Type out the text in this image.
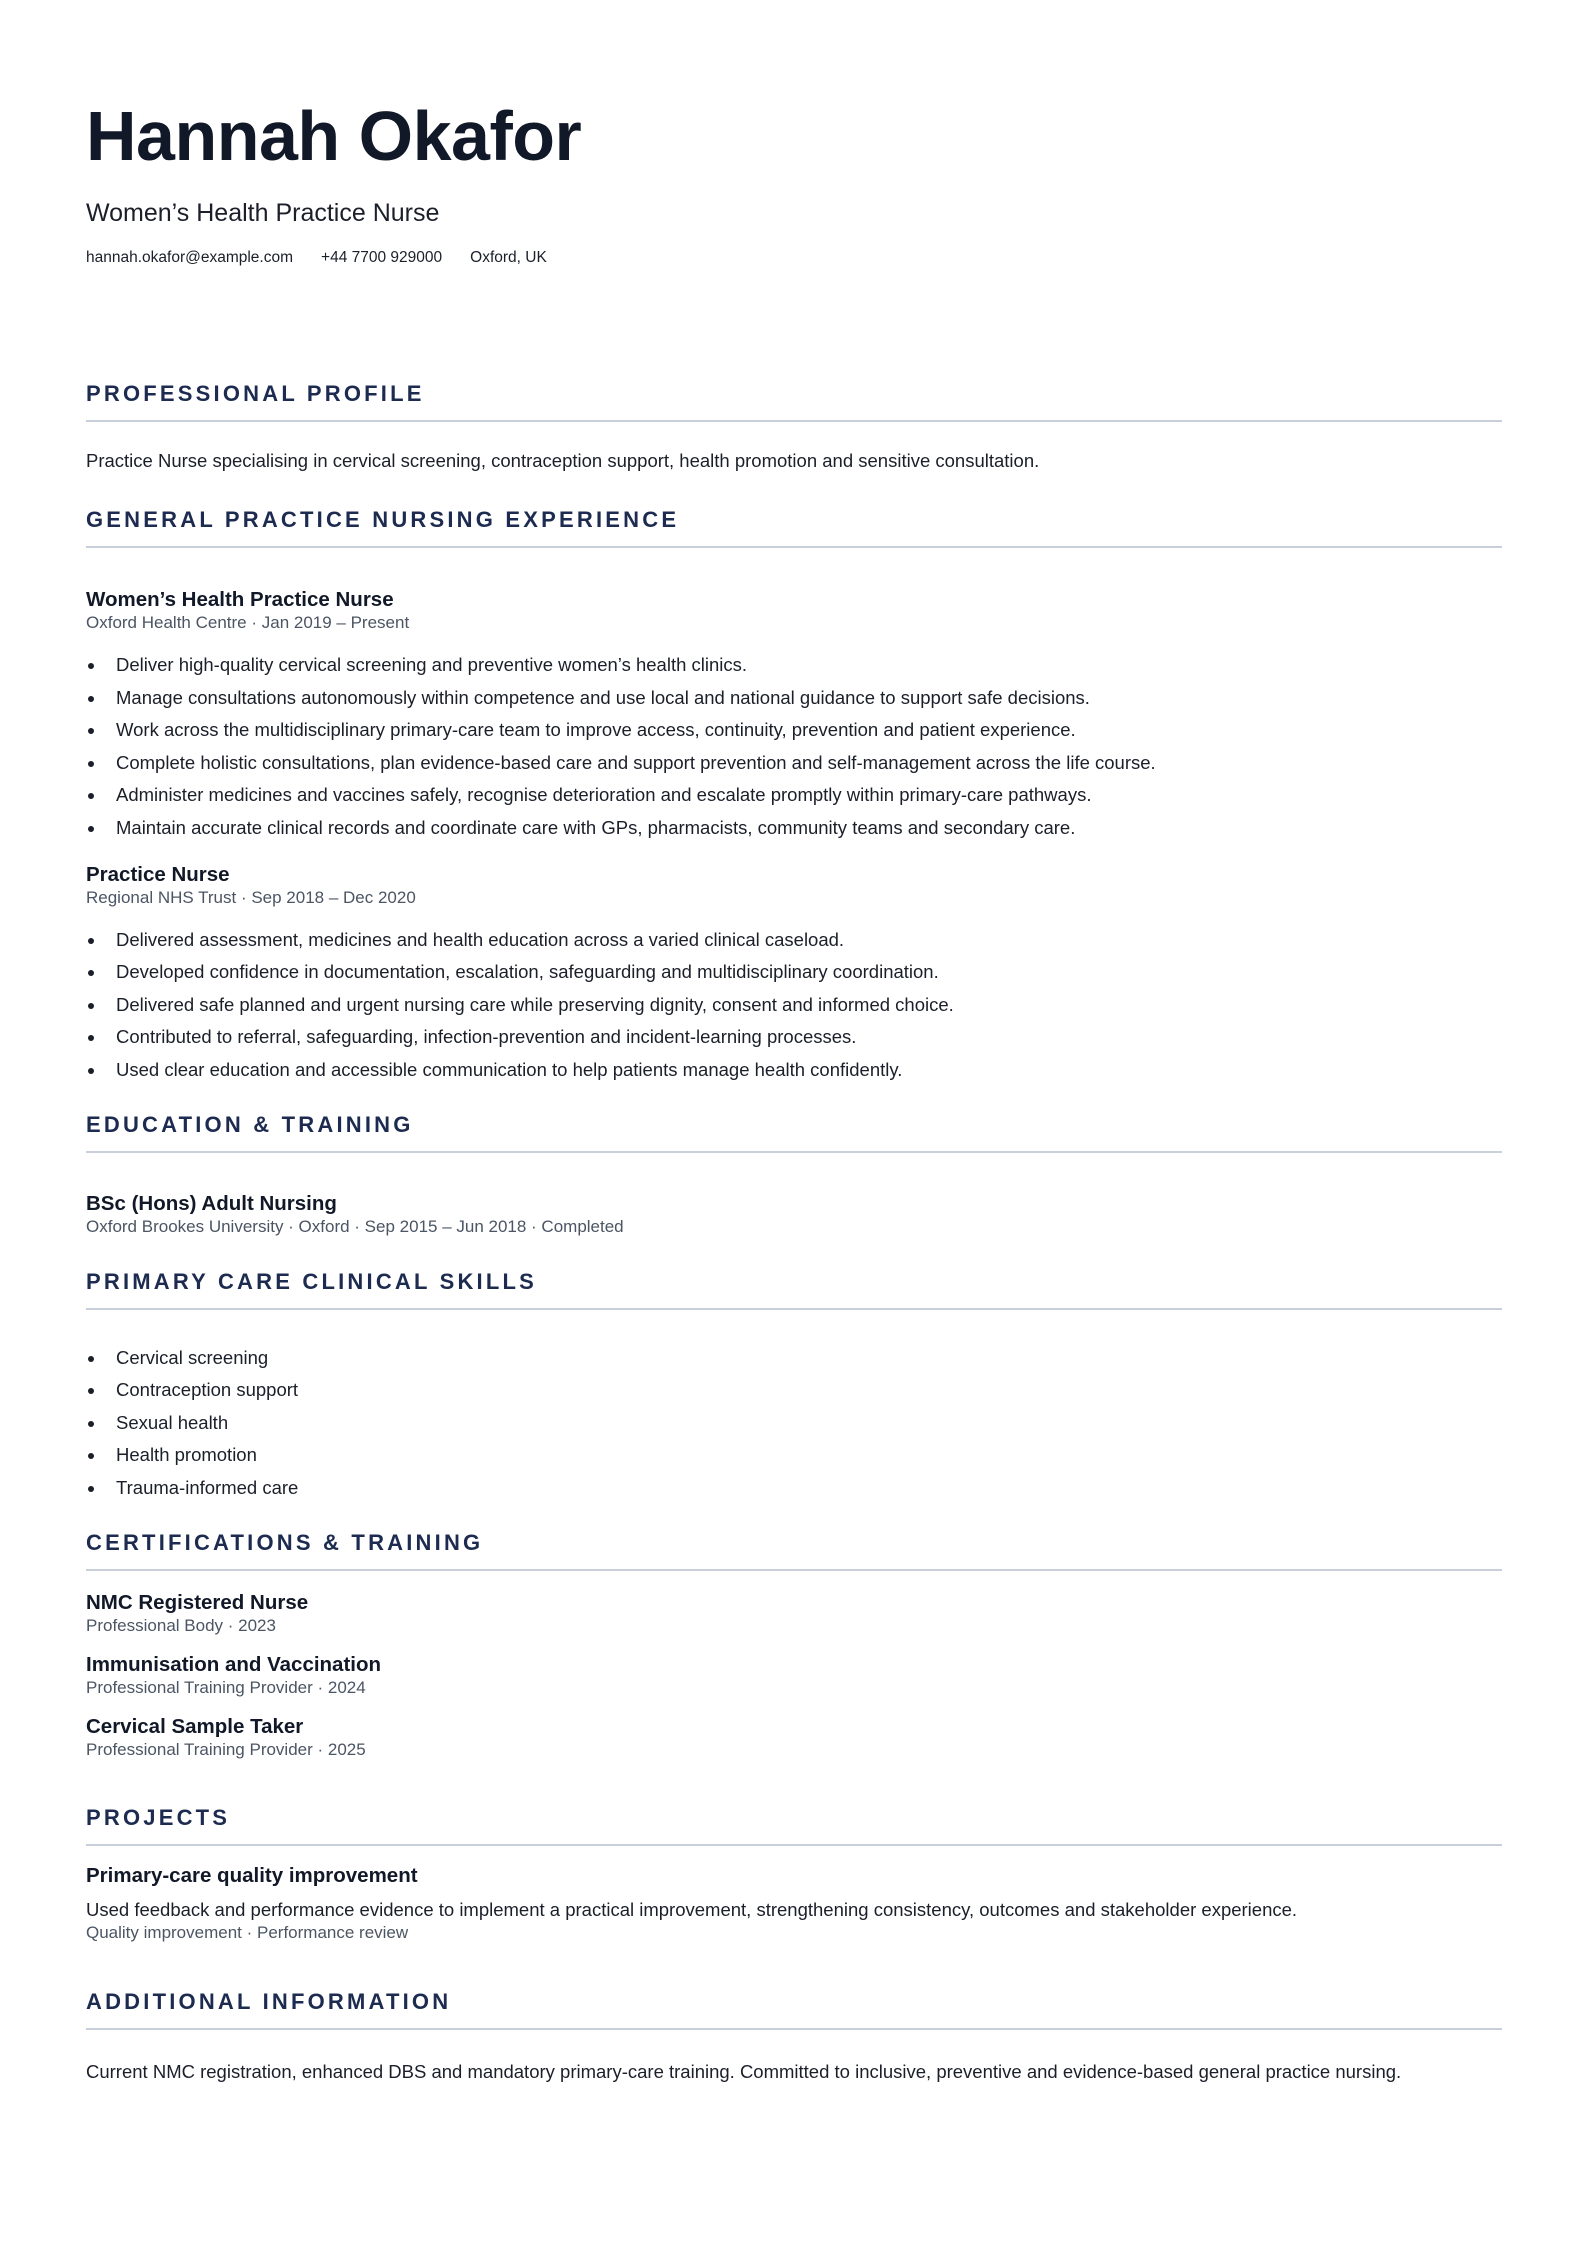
Hannah Okafor
Women’s Health Practice Nurse
hannah.okafor@example.com +44 7700 929000 Oxford, UK
PROFESSIONAL PROFILE
Practice Nurse specialising in cervical screening, contraception support, health promotion and sensitive consultation.
GENERAL PRACTICE NURSING EXPERIENCE
Women’s Health Practice Nurse
Oxford Health Centre · Jan 2019 – Present
Deliver high-quality cervical screening and preventive women’s health clinics.
Manage consultations autonomously within competence and use local and national guidance to support safe decisions.
Work across the multidisciplinary primary-care team to improve access, continuity, prevention and patient experience.
Complete holistic consultations, plan evidence-based care and support prevention and self-management across the life course.
Administer medicines and vaccines safely, recognise deterioration and escalate promptly within primary-care pathways.
Maintain accurate clinical records and coordinate care with GPs, pharmacists, community teams and secondary care.
Practice Nurse
Regional NHS Trust · Sep 2018 – Dec 2020
Delivered assessment, medicines and health education across a varied clinical caseload.
Developed confidence in documentation, escalation, safeguarding and multidisciplinary coordination.
Delivered safe planned and urgent nursing care while preserving dignity, consent and informed choice.
Contributed to referral, safeguarding, infection-prevention and incident-learning processes.
Used clear education and accessible communication to help patients manage health confidently.
EDUCATION & TRAINING
BSc (Hons) Adult Nursing
Oxford Brookes University · Oxford · Sep 2015 – Jun 2018 · Completed
PRIMARY CARE CLINICAL SKILLS
Cervical screening
Contraception support
Sexual health
Health promotion
Trauma-informed care
CERTIFICATIONS & TRAINING
NMC Registered Nurse
Professional Body · 2023
Immunisation and Vaccination
Professional Training Provider · 2024
Cervical Sample Taker
Professional Training Provider · 2025
PROJECTS
Primary-care quality improvement
Used feedback and performance evidence to implement a practical improvement, strengthening consistency, outcomes and stakeholder experience.
Quality improvement · Performance review
ADDITIONAL INFORMATION
Current NMC registration, enhanced DBS and mandatory primary-care training. Committed to inclusive, preventive and evidence-based general practice nursing.
